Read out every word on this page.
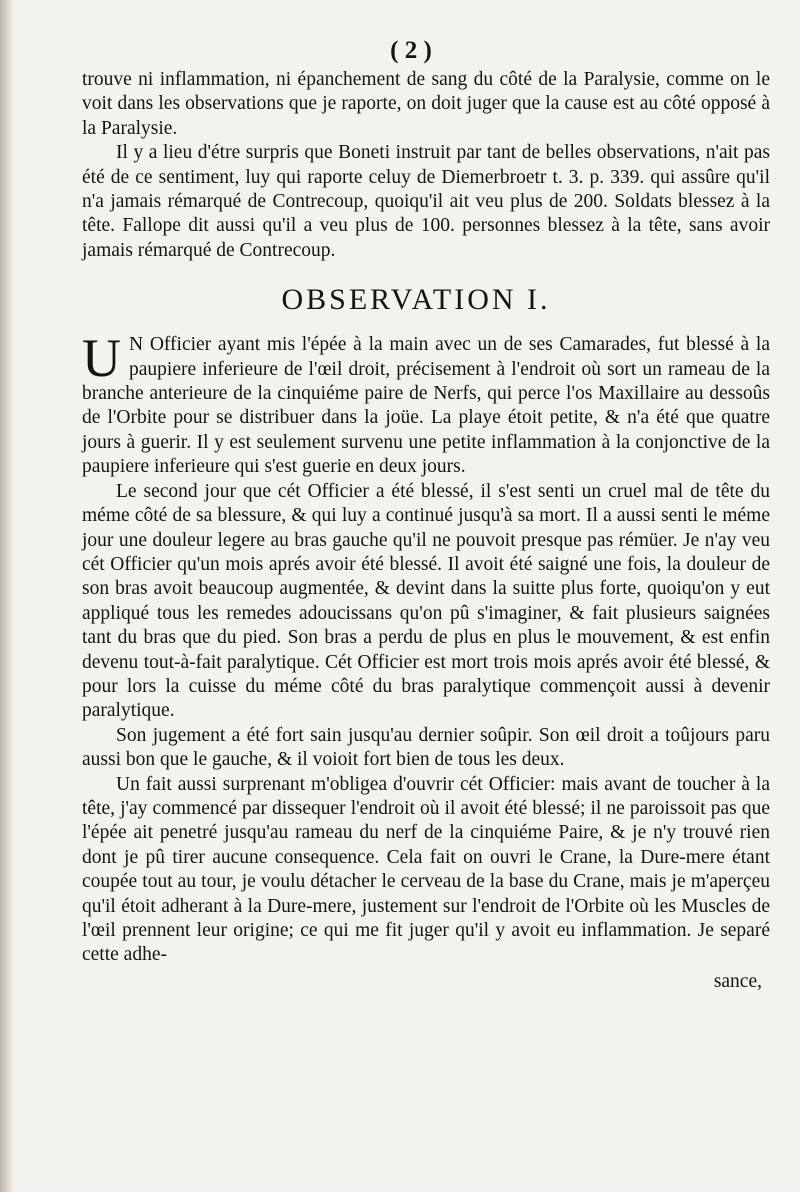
( 2 )

trouve ni inflammation, ni épanchement de sang du côté de la Paralysie, comme on le voit dans les observations que je raporte, on doit juger que la cause est au côté opposé à la Paralysie.

Il y a lieu d'étre surpris que Boneti instruit par tant de belles observations, n'ait pas été de ce sentiment, luy qui raporte celuy de Diemerbroetr t. 3. p. 339. qui assûre qu'il n'a jamais rémarqué de Contrecoup, quoiqu'il ait veu plus de 200. Soldats blessez à la tête. Fallope dit aussi qu'il a veu plus de 100. personnes blessez à la tête, sans avoir jamais rémarqué de Contrecoup.

OBSERVATION I.

U N Officier ayant mis l'épée à la main avec un de ses Camarades, fut blessé à la paupiere inferieure de l'œil droit, précisement à l'endroit où sort un rameau de la branche anterieure de la cinquiéme paire de Nerfs, qui perce l'os Maxillaire au dessoûs de l'Orbite pour se distribuer dans la joüe. La playe étoit petite, & n'a été que quatre jours à guerir. Il y est seulement survenu une petite inflammation à la conjonctive de la paupiere inferieure qui s'est guerie en deux jours.

Le second jour que cét Officier a été blessé, il s'est senti un cruel mal de tête du méme côté de sa blessure, & qui luy a continué jusqu'à sa mort. Il a aussi senti le méme jour une douleur legere au bras gauche qu'il ne pouvoit presque pas rémüer. Je n'ay veu cét Officier qu'un mois aprés avoir été blessé. Il avoit été saigné une fois, la douleur de son bras avoit beaucoup augmentée, & devint dans la suitte plus forte, quoiqu'on y eut appliqué tous les remedes adoucissans qu'on pû s'imaginer, & fait plusieurs saignées tant du bras que du pied. Son bras a perdu de plus en plus le mouvement, & est enfin devenu tout-à-fait paralytique. Cét Officier est mort trois mois aprés avoir été blessé, & pour lors la cuisse du méme côté du bras paralytique commençoit aussi à devenir paralytique.

Son jugement a été fort sain jusqu'au dernier soûpir. Son œil droit a toûjours paru aussi bon que le gauche, & il voioit fort bien de tous les deux.

Un fait aussi surprenant m'obligea d'ouvrir cét Officier: mais avant de toucher à la tête, j'ay commencé par dissequer l'endroit où il avoit été blessé; il ne paroissoit pas que l'épée ait penetré jusqu'au rameau du nerf de la cinquiéme Paire, & je n'y trouvé rien dont je pû tirer aucune consequence. Cela fait on ouvri le Crane, la Dure-mere étant coupée tout au tour, je voulu détacher le cerveau de la base du Crane, mais je m'aperçeu qu'il étoit adherant à la Dure-mere, justement sur l'endroit de l'Orbite où les Muscles de l'œil prennent leur origine; ce qui me fit juger qu'il y avoit eu inflammation. Je separé cette adhe-

sance,
